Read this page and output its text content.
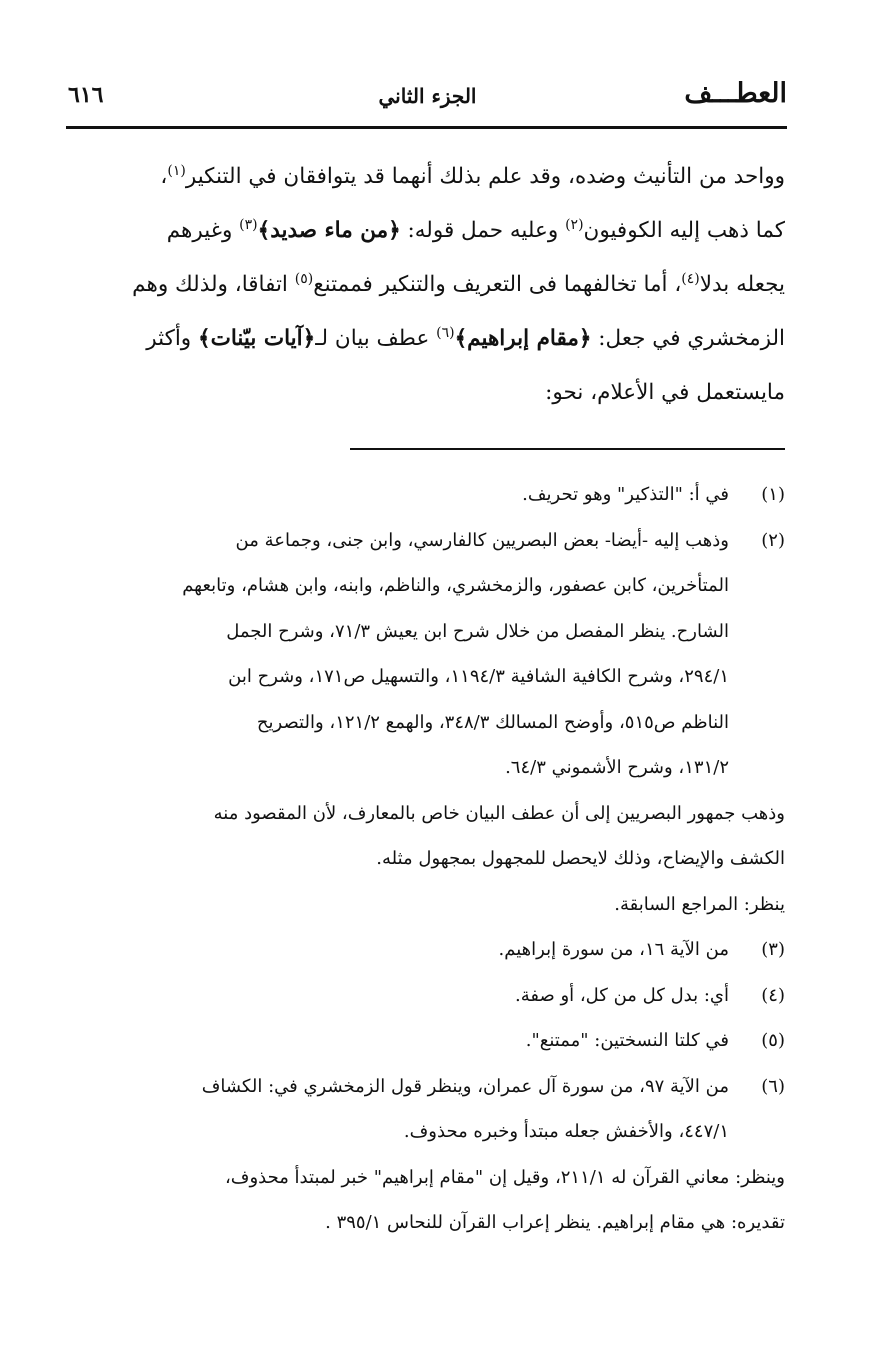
العطـــف
الجزء الثاني
٦١٦

وواحد من التأنيث وضده، وقد علم بذلك أنهما قد يتوافقان في التنكير$^{(١)}$،

كما ذهب إليه الكوفيون$^{(٢)}$ وعليه حمل قوله: ﴿من ماء صديد﴾$^{(٣)}$ وغيرهم

يجعله بدلا$^{(٤)}$، أما تخالفهما فى التعريف والتنكير فممتنع$^{(٥)}$ اتفاقا، ولذلك وهم

الزمخشري في جعل: ﴿مقام إبراهيم﴾$^{(٦)}$ عطف بيان لـ﴿آيات بيّنات﴾ وأكثر

مايستعمل في الأعلام، نحو:

(١)
في أ: "التذكير" وهو تحريف.
(٢)

وذهب إليه -أيضا- بعض البصريين كالفارسي، وابن جنى، وجماعة من

المتأخرين، كابن عصفور، والزمخشري، والناظم، وابنه، وابن هشام، وتابعهم

الشارح. ينظر المفصل من خلال شرح ابن يعيش ٧١/٣، وشرح الجمل

٢٩٤/١، وشرح الكافية الشافية ١١٩٤/٣، والتسهيل ص١٧١، وشرح ابن

الناظم ص٥١٥، وأوضح المسالك ٣٤٨/٣، والهمع ١٢١/٢، والتصريح

١٣١/٢، وشرح الأشموني ٦٤/٣.

وذهب جمهور البصريين إلى أن عطف البيان خاص بالمعارف، لأن المقصود منه

الكشف والإيضاح، وذلك لايحصل للمجهول بمجهول مثله.

ينظر: المراجع السابقة.

(٣)
من الآية ١٦، من سورة إبراهيم.
(٤)
أي: بدل كل من كل، أو صفة.
(٥)
في كلتا النسختين: "ممتنع".
(٦)

من الآية ٩٧، من سورة آل عمران، وينظر قول الزمخشري في: الكشاف

٤٤٧/١، والأخفش جعله مبتدأ وخبره محذوف.

وينظر: معاني القرآن له ٢١١/١، وقيل إن "مقام إبراهيم" خبر لمبتدأ محذوف،

تقديره: هي مقام إبراهيم. ينظر إعراب القرآن للنحاس ٣٩٥/١ .
